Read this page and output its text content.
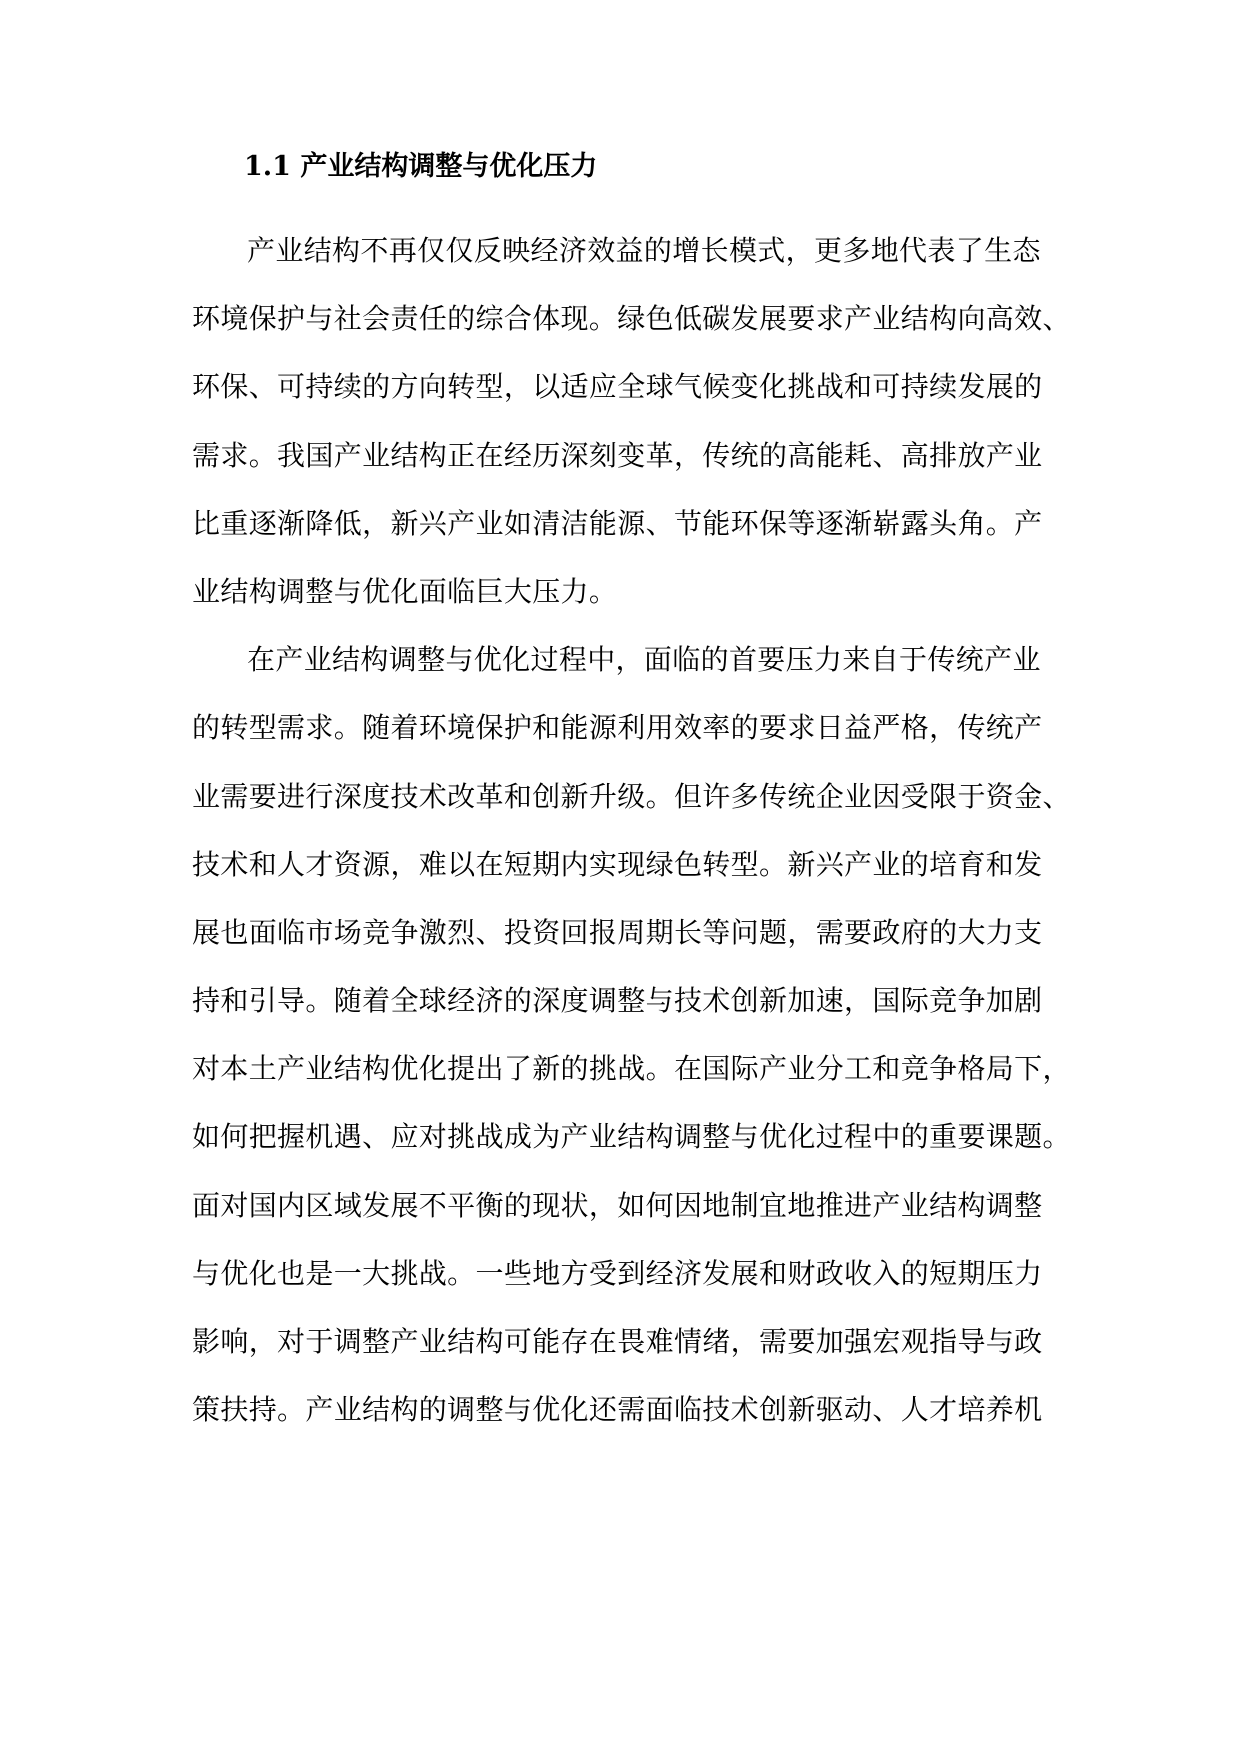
1.1 产业结构调整与优化压力
产业结构不再仅仅反映经济效益的增长模式，更多地代表了生态
环境保护与社会责任的综合体现。绿色低碳发展要求产业结构向高效、
环保、可持续的方向转型，以适应全球气候变化挑战和可持续发展的
需求。我国产业结构正在经历深刻变革，传统的高能耗、高排放产业
比重逐渐降低，新兴产业如清洁能源、节能环保等逐渐崭露头角。产
业结构调整与优化面临巨大压力。
在产业结构调整与优化过程中，面临的首要压力来自于传统产业
的转型需求。随着环境保护和能源利用效率的要求日益严格，传统产
业需要进行深度技术改革和创新升级。但许多传统企业因受限于资金、
技术和人才资源，难以在短期内实现绿色转型。新兴产业的培育和发
展也面临市场竞争激烈、投资回报周期长等问题，需要政府的大力支
持和引导。随着全球经济的深度调整与技术创新加速，国际竞争加剧
对本土产业结构优化提出了新的挑战。在国际产业分工和竞争格局下，
如何把握机遇、应对挑战成为产业结构调整与优化过程中的重要课题。
面对国内区域发展不平衡的现状，如何因地制宜地推进产业结构调整
与优化也是一大挑战。一些地方受到经济发展和财政收入的短期压力
影响，对于调整产业结构可能存在畏难情绪，需要加强宏观指导与政
策扶持。产业结构的调整与优化还需面临技术创新驱动、人才培养机
